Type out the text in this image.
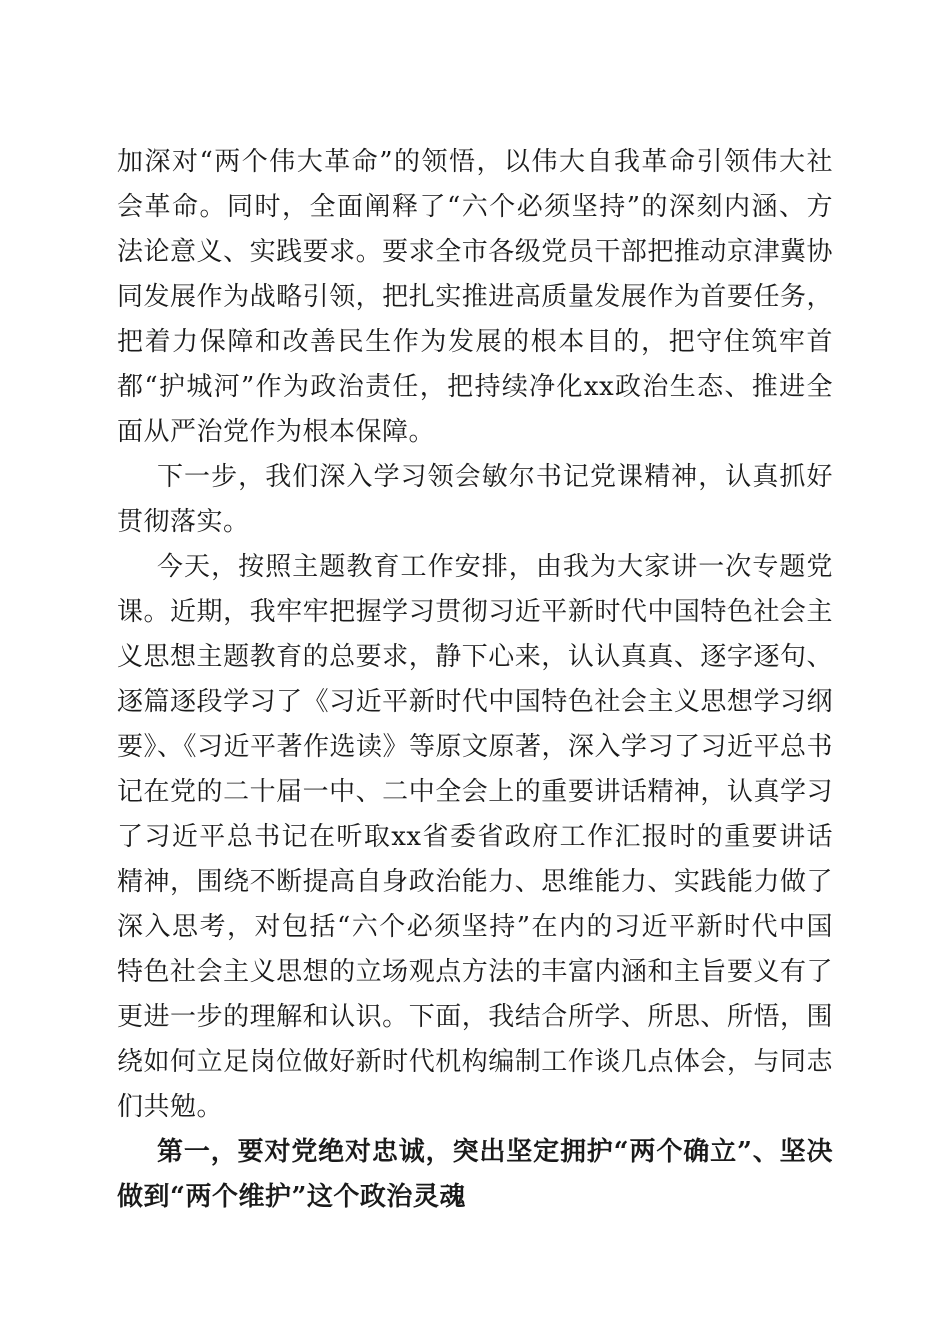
加深对“两个伟大革命”的领悟，以伟大自我革命引领伟大社会革命。同时，全面阐释了“六个必须坚持”的深刻内涵、方法论意义、实践要求。要求全市各级党员干部把推动京津冀协同发展作为战略引领，把扎实推进高质量发展作为首要任务，把着力保障和改善民生作为发展的根本目的，把守住筑牢首都“护城河”作为政治责任，把持续净化xx政治生态、推进全面从严治党作为根本保障。

下一步，我们深入学习领会敏尔书记党课精神，认真抓好贯彻落实。

今天，按照主题教育工作安排，由我为大家讲一次专题党课。近期，我牢牢把握学习贯彻习近平新时代中国特色社会主义思想主题教育的总要求，静下心来，认认真真、逐字逐句、逐篇逐段学习了《习近平新时代中国特色社会主义思想学习纲要》、《习近平著作选读》等原文原著，深入学习了习近平总书记在党的二十届一中、二中全会上的重要讲话精神，认真学习了习近平总书记在听取xx省委省政府工作汇报时的重要讲话精神，围绕不断提高自身政治能力、思维能力、实践能力做了深入思考，对包括“六个必须坚持”在内的习近平新时代中国特色社会主义思想的立场观点方法的丰富内涵和主旨要义有了更进一步的理解和认识。下面，我结合所学、所思、所悟，围绕如何立足岗位做好新时代机构编制工作谈几点体会，与同志们共勉。

第一，要对党绝对忠诚，突出坚定拥护“两个确立”、坚决做到“两个维护”这个政治灵魂
